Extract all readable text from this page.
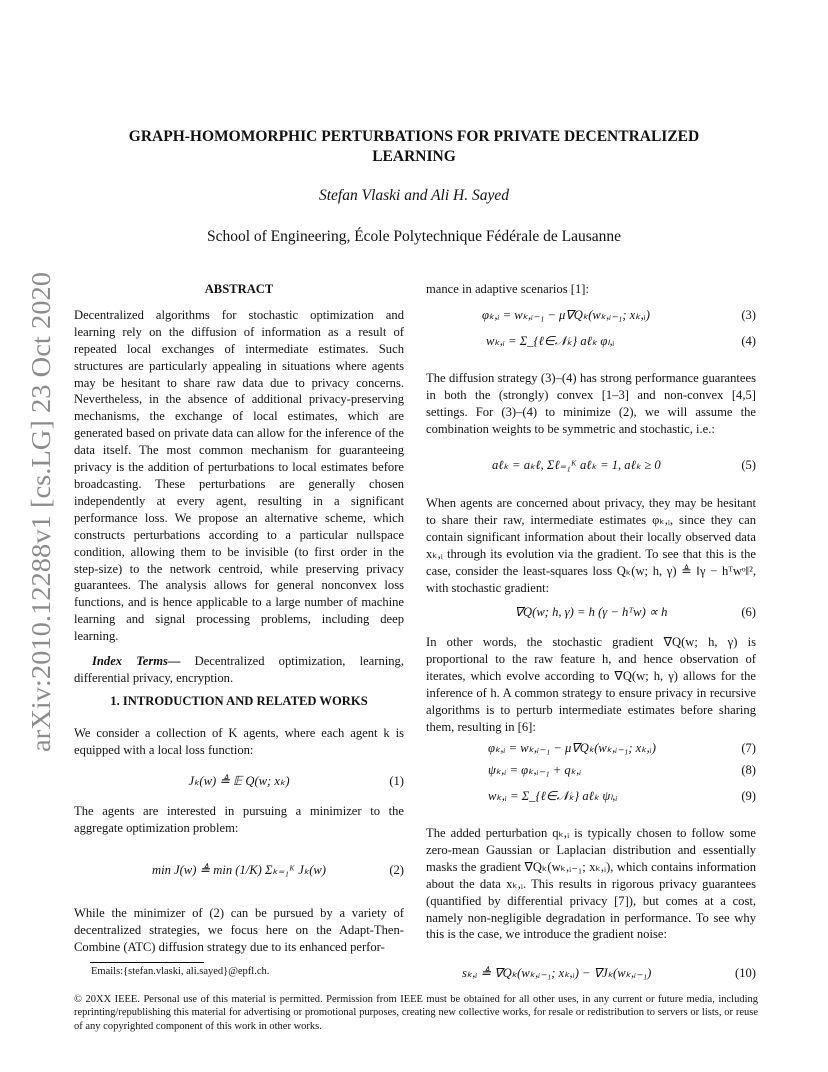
GRAPH-HOMOMORPHIC PERTURBATIONS FOR PRIVATE DECENTRALIZED
LEARNING
Stefan Vlaski and Ali H. Sayed
School of Engineering, École Polytechnique Fédérale de Lausanne
arXiv:2010.12288v1 [cs.LG] 23 Oct 2020
ABSTRACT

Decentralized algorithms for stochastic optimization and learning rely on the diffusion of information as a result of repeated local exchanges of intermediate estimates. Such structures are particularly appealing in situations where agents may be hesitant to share raw data due to privacy concerns. Nevertheless, in the absence of additional privacy-preserving mechanisms, the exchange of local estimates, which are generated based on private data can allow for the inference of the data itself. The most common mechanism for guaranteeing privacy is the addition of perturbations to local estimates before broadcasting. These perturbations are generally chosen independently at every agent, resulting in a significant performance loss. We propose an alternative scheme, which constructs perturbations according to a particular nullspace condition, allowing them to be invisible (to first order in the step-size) to the network centroid, while preserving privacy guarantees. The analysis allows for general nonconvex loss functions, and is hence applicable to a large number of machine learning and signal processing problems, including deep learning.

Index Terms— Decentralized optimization, learning, differential privacy, encryption.

1. INTRODUCTION AND RELATED WORKS
We consider a collection of K agents, where each agent k is equipped with a local loss function:
Jₖ(w) ≜ 𝔼 Q(w; xₖ)	(1)
The agents are interested in pursuing a minimizer to the aggregate optimization problem:
min J(w) ≜ min (1/K) Σₖ₌₁ᴷ Jₖ(w)	(2)
While the minimizer of (2) can be pursued by a variety of decentralized strategies, we focus here on the Adapt-Then-Combine (ATC) diffusion strategy due to its enhanced perfor-
Emails:{stefan.vlaski, ali.sayed}@epfl.ch.
mance in adaptive scenarios [1]:
φₖ,ᵢ = wₖ,ᵢ₋₁ − μ∇Qₖ(wₖ,ᵢ₋₁; xₖ,ᵢ)	(3)
wₖ,ᵢ = Σ_{ℓ∈𝒩ₖ} aℓₖ φₗ,ᵢ	(4)
The diffusion strategy (3)–(4) has strong performance guarantees in both the (strongly) convex [1–3] and non-convex [4,5] settings. For (3)–(4) to minimize (2), we will assume the combination weights to be symmetric and stochastic, i.e.:
aℓₖ = aₖℓ, Σℓ₌₁ᴷ aℓₖ = 1, aℓₖ ≥ 0	(5)
When agents are concerned about privacy, they may be hesitant to share their raw, intermediate estimates φₖ,ᵢ, since they can contain significant information about their locally observed data xₖ,ᵢ through its evolution via the gradient. To see that this is the case, consider the least-squares loss Qₖ(w; h, γ) ≜ ‖γ − hᵀwᵒ‖², with stochastic gradient:
∇Q(w; h, γ) = h (γ − hᵀw) ∝ h	(6)
In other words, the stochastic gradient ∇Q(w; h, γ) is proportional to the raw feature h, and hence observation of iterates, which evolve according to ∇Q(w; h, γ) allows for the inference of h. A common strategy to ensure privacy in recursive algorithms is to perturb intermediate estimates before sharing them, resulting in [6]:
φₖ,ᵢ = wₖ,ᵢ₋₁ − μ∇Qₖ(wₖ,ᵢ₋₁; xₖ,ᵢ)	(7)
ψₖ,ᵢ = φₖ,ᵢ₋₁ + qₖ,ᵢ	(8)
wₖ,ᵢ = Σ_{ℓ∈𝒩ₖ} aℓₖ ψₗ,ᵢ	(9)
The added perturbation qₖ,ᵢ is typically chosen to follow some zero-mean Gaussian or Laplacian distribution and essentially masks the gradient ∇Qₖ(wₖ,ᵢ₋₁; xₖ,ᵢ), which contains information about the data xₖ,ᵢ. This results in rigorous privacy guarantees (quantified by differential privacy [7]), but comes at a cost, namely non-negligible degradation in performance. To see why this is the case, we introduce the gradient noise:
sₖ,ᵢ ≜ ∇Qₖ(wₖ,ᵢ₋₁; xₖ,ᵢ) − ∇Jₖ(wₖ,ᵢ₋₁)	(10)
© 20XX IEEE. Personal use of this material is permitted. Permission from IEEE must be obtained for all other uses, in any current or future media, including reprinting/republishing this material for advertising or promotional purposes, creating new collective works, for resale or redistribution to servers or lists, or reuse of any copyrighted component of this work in other works.
